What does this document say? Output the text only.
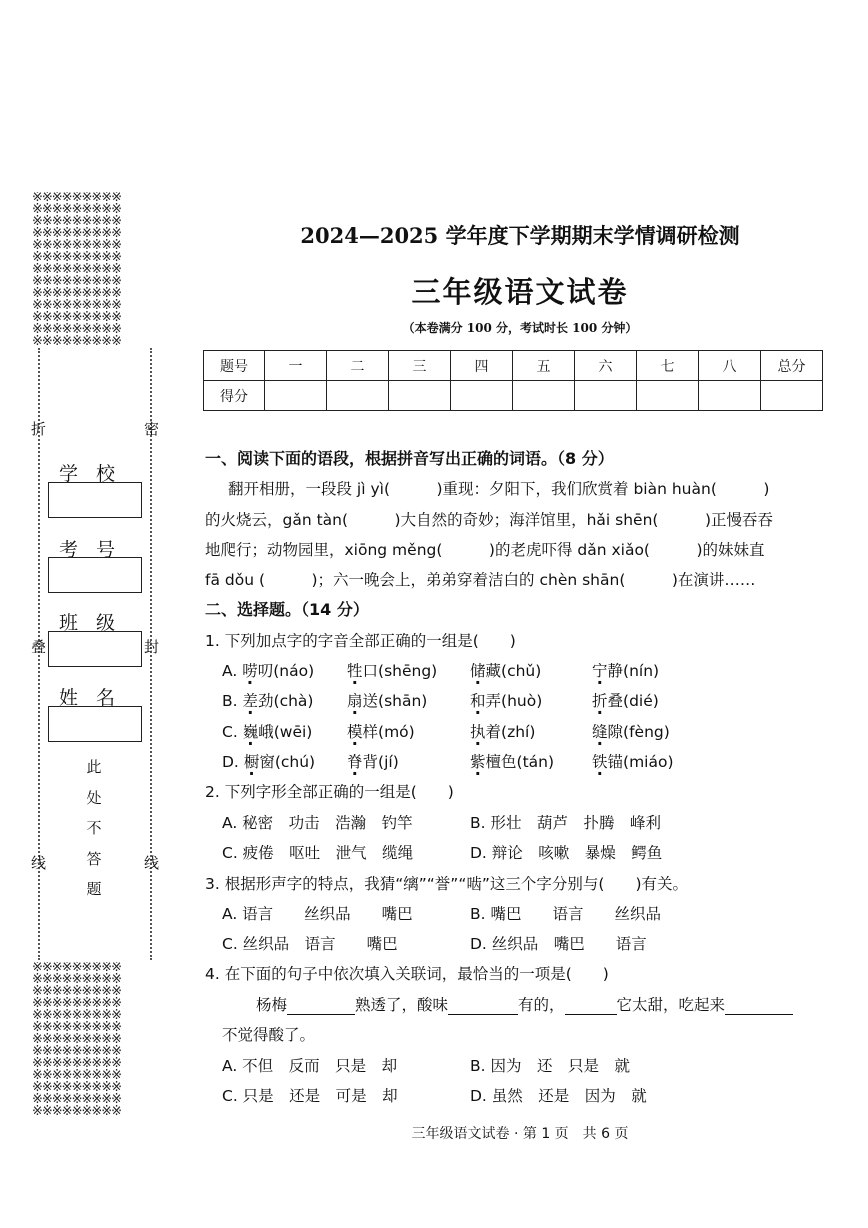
※※※※※※※※※
※※※※※※※※※
※※※※※※※※※
※※※※※※※※※
※※※※※※※※※
※※※※※※※※※
※※※※※※※※※
※※※※※※※※※
※※※※※※※※※
※※※※※※※※※
※※※※※※※※※
※※※※※※※※※
※※※※※※※※※
※※※※※※※※※
※※※※※※※※※
※※※※※※※※※
※※※※※※※※※
※※※※※※※※※
※※※※※※※※※
※※※※※※※※※
※※※※※※※※※
※※※※※※※※※
※※※※※※※※※
※※※※※※※※※
※※※※※※※※※
※※※※※※※※※
折	密
叠	封
线	线
学校
考号
班级
姓名
此
处
不
答
题
2024—2025 学年度下学期期末学情调研检测
三年级语文试卷
（本卷满分 100 分，考试时长 100 分钟）
题号	一	二	三	四	五	六	七	八	总分
得分									
一、阅读下面的语段，根据拼音写出正确的词语。（8 分）
翻开相册，一段段 jì yì(　　　)重现：夕阳下，我们欣赏着 biàn huàn(　　　)
的火烧云，gǎn tàn(　　　)大自然的奇妙；海洋馆里，hǎi shēn(　　　)正慢吞吞
地爬行；动物园里，xiōng měng(　　　)的老虎吓得 dǎn xiǎo(　　　)的妹妹直
fā dǒu (　　　)；六一晚会上，弟弟穿着洁白的 chèn shān(　　　)在演讲……
二、选择题。（14 分）
1. 下列加点字的字音全部正确的一组是(　　)
A. 唠叨(náo) 牲口(shēng) 储藏(chǔ)	宁静(nín)
B. 差劲(chà) 扇送(shān)	和弄(huò)	折叠(dié)
C. 巍峨(wēi) 模样(mó)	执着(zhí)	缝隙(fèng)
D. 橱窗(chú) 脊背(jí)	紫檀色(tán) 铁锚(miáo)
2. 下列字形全部正确的一组是(　　)
A. 秘密　功击　浩瀚　钓竿	B. 形壮　葫芦　扑腾　峰利
C. 疲倦　呕吐　泄气　缆绳	D. 辩论　咳嗽　暴燥　鳄鱼
3. 根据形声字的特点，我猜“缡”“誉”“啮”这三个字分别与(　　)有关。
A. 语言　　丝织品　　嘴巴	B. 嘴巴　　语言　　丝织品
C. 丝织品　语言　　嘴巴	D. 丝织品　嘴巴　　语言
4. 在下面的句子中依次填入关联词，最恰当的一项是(　　)
杨梅	熟透了，酸味	有的，	它太甜，吃起来
不觉得酸了。
A. 不但　反而　只是　却	B. 因为　还　只是　就
C. 只是　还是　可是　却	D. 虽然　还是　因为　就
三年级语文试卷 · 第 1 页　共 6 页
